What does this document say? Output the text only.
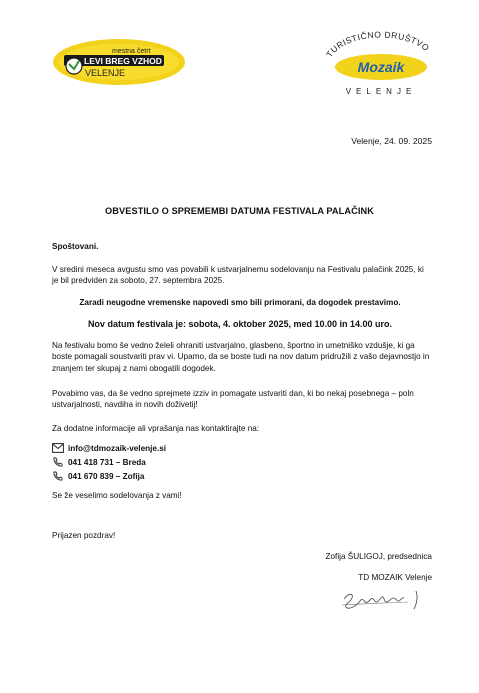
mestna četrt
LEVI BREG VZHOD
VELENJE
TURISTIČNO DRUŠTVO
Mozaik
VELENJE
Velenje, 24. 09. 2025
OBVESTILO O SPREMEMBI DATUMA FESTIVALA PALAČINK

Spoštovani.

V sredini meseca avgustu smo vas povabili k ustvarjalnemu sodelovanju na Festivalu palačink 2025, ki je bil predviden za soboto, 27. septembra 2025.

Zaradi neugodne vremenske napovedi smo bili primorani, da dogodek prestavimo.
Nov datum festivala je: sobota, 4. oktober 2025, med 10.00 in 14.00 uro.

Na festivalu bomo še vedno želeli ohraniti ustvarjalno, glasbeno, športno in umetniško vzdušje, ki ga boste pomagali soustvariti prav vi. Upamo, da se boste tudi na nov datum pridružili z vašo dejavnostjo in znanjem ter skupaj z nami obogatili dogodek.

Povabimo vas, da še vedno sprejmete izziv in pomagate ustvariti dan, ki bo nekaj posebnega – poln ustvarjalnosti, navdiha in novih doživetij!

Za dodatne informacije ali vprašanja nas kontaktirajte na:

info@tdmozaik-velenje.si
041 418 731 – Breda
041 670 839 – Zofija

Se že veselimo sodelovanja z vami!

Prijazen pozdrav!

Zofija ŠULIGOJ, predsednica
TD MOZAIK Velenje
